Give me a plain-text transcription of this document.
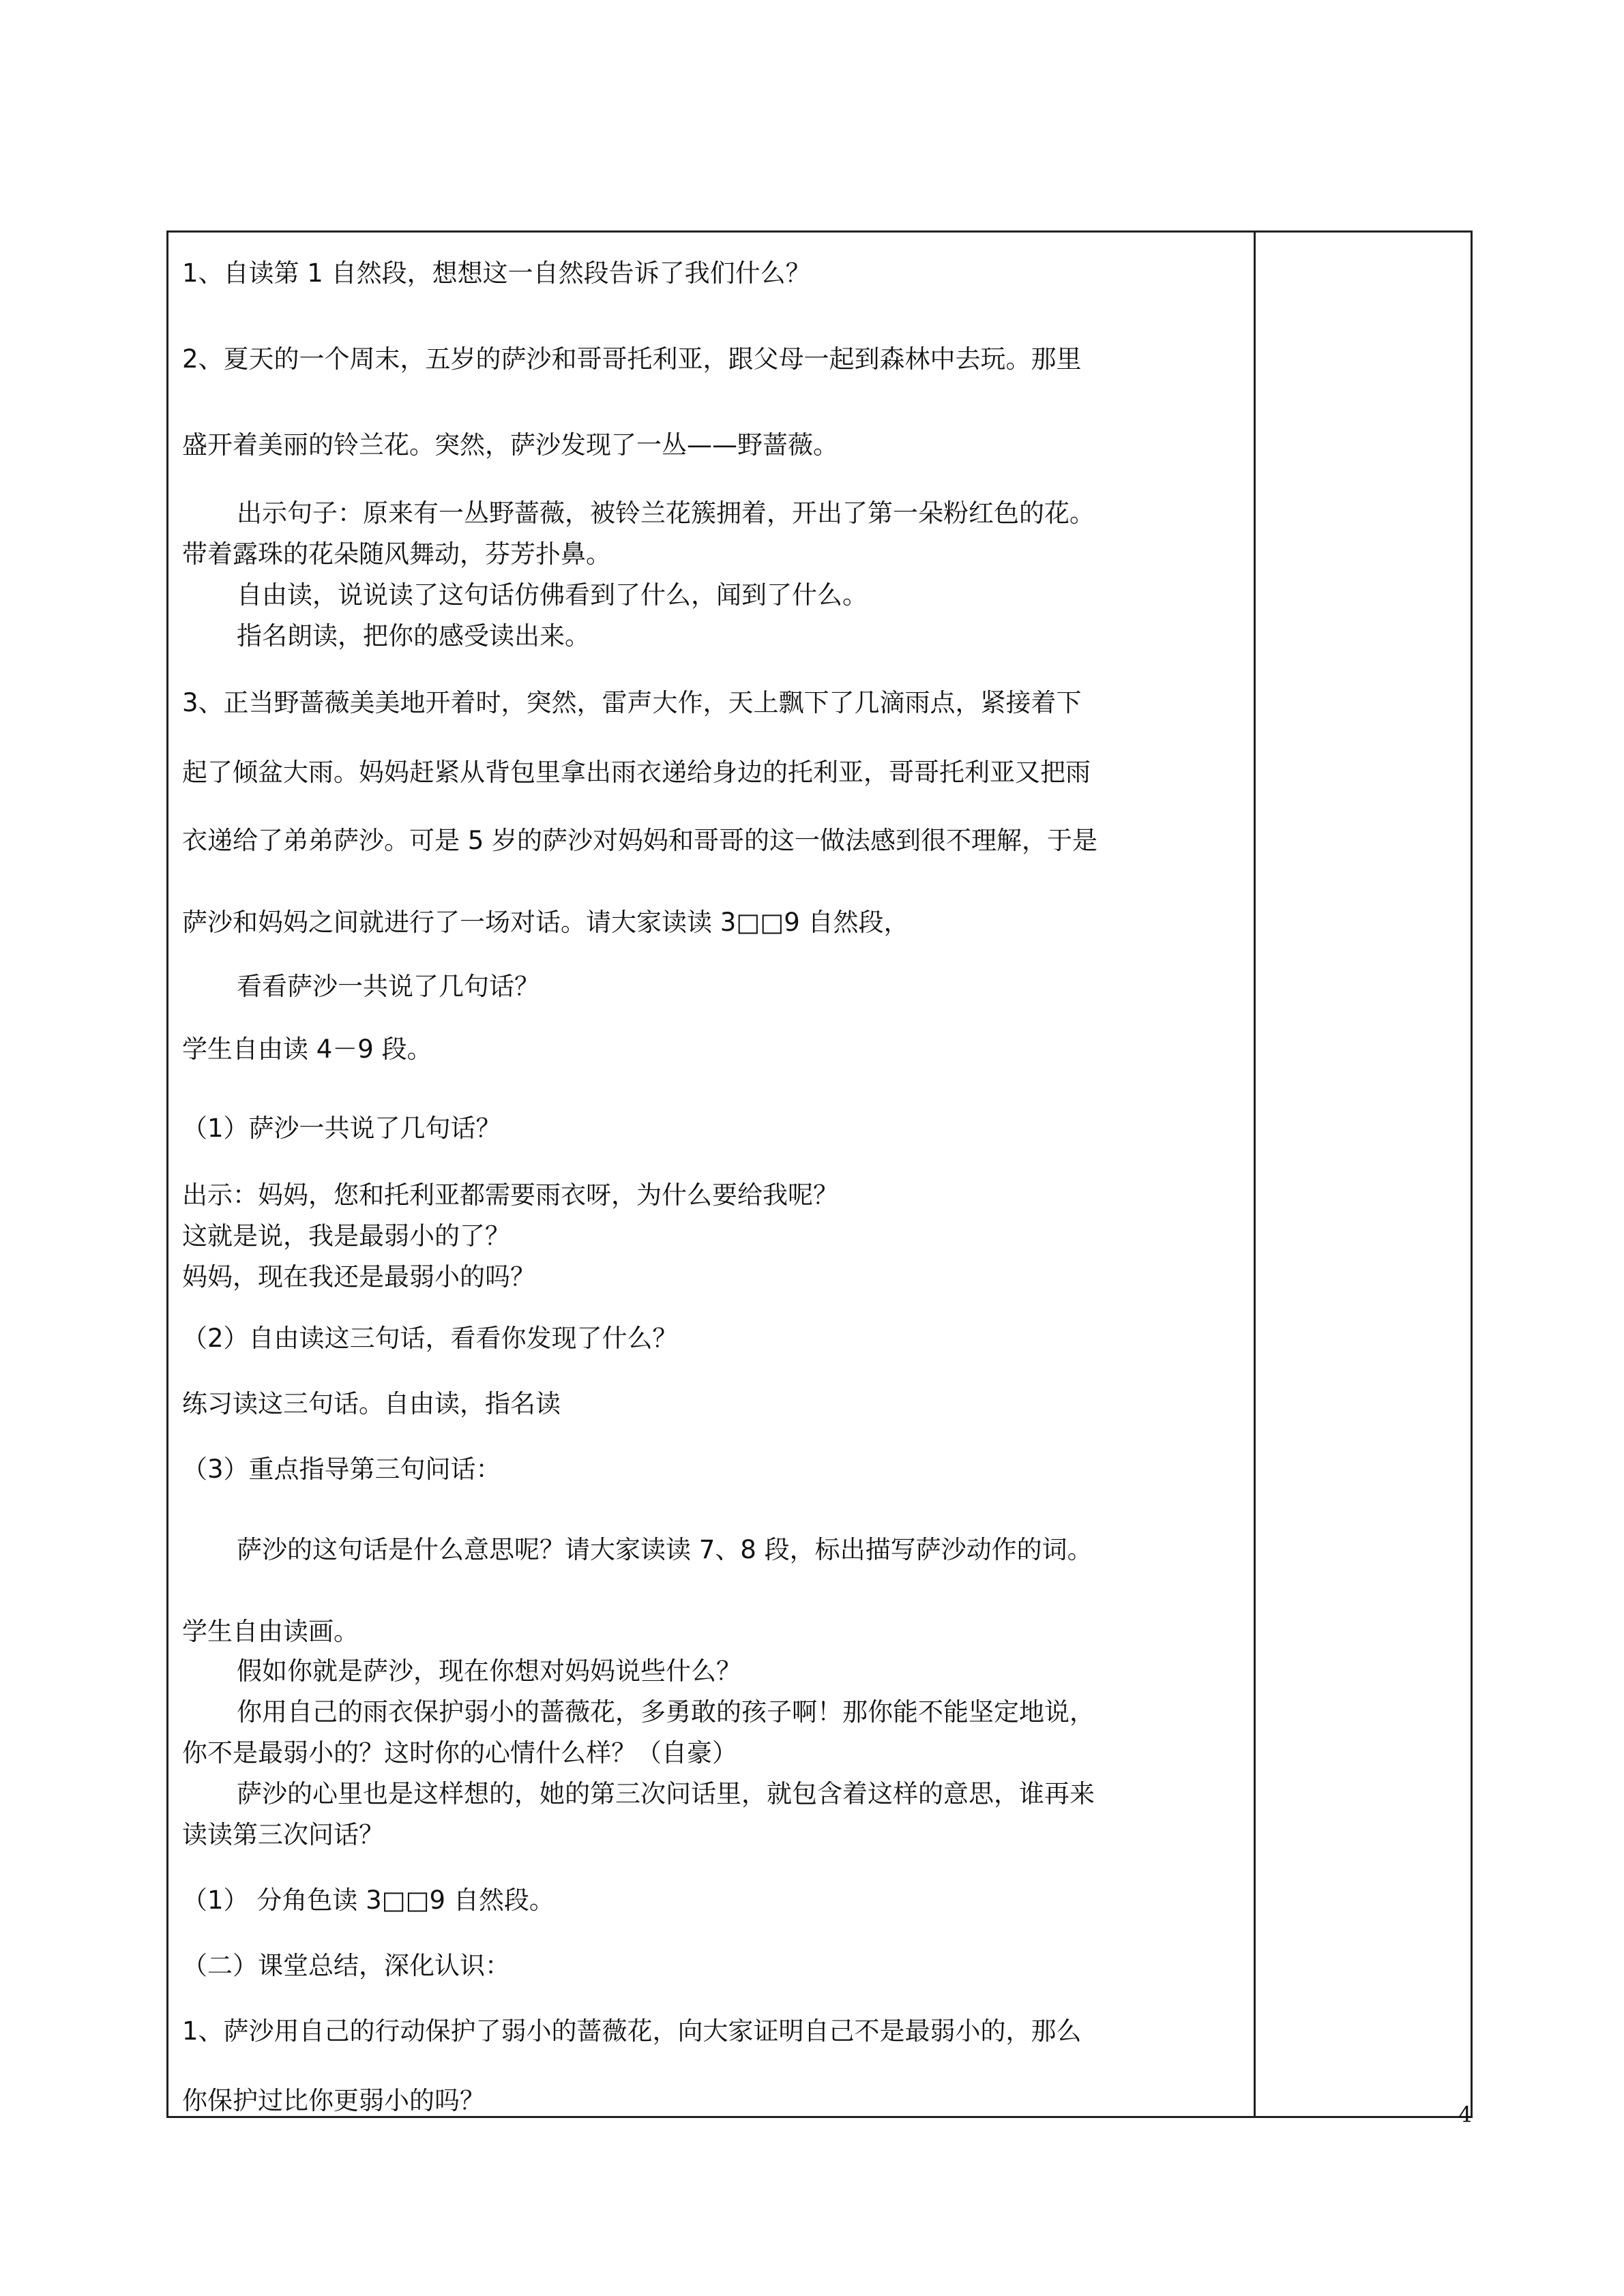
1、自读第 1 自然段，想想这一自然段告诉了我们什么？
2、夏天的一个周末，五岁的萨沙和哥哥托利亚，跟父母一起到森林中去玩。那里
盛开着美丽的铃兰花。突然，萨沙发现了一丛——野蔷薇。
出示句子：原来有一丛野蔷薇，被铃兰花簇拥着，开出了第一朵粉红色的花。
带着露珠的花朵随风舞动，芬芳扑鼻。
自由读，说说读了这句话仿佛看到了什么，闻到了什么。
指名朗读，把你的感受读出来。
3、正当野蔷薇美美地开着时，突然，雷声大作，天上飘下了几滴雨点，紧接着下
起了倾盆大雨。妈妈赶紧从背包里拿出雨衣递给身边的托利亚，哥哥托利亚又把雨
衣递给了弟弟萨沙。可是 5 岁的萨沙对妈妈和哥哥的这一做法感到很不理解，于是
萨沙和妈妈之间就进行了一场对话。请大家读读 3□□9 自然段，
看看萨沙一共说了几句话？
学生自由读 4－9 段。
（1）萨沙一共说了几句话？
出示：妈妈，您和托利亚都需要雨衣呀，为什么要给我呢？
这就是说，我是最弱小的了？
妈妈，现在我还是最弱小的吗？
（2）自由读这三句话，看看你发现了什么？
练习读这三句话。自由读，指名读
（3）重点指导第三句问话：
萨沙的这句话是什么意思呢？请大家读读 7、8 段，标出描写萨沙动作的词。
学生自由读画。
假如你就是萨沙，现在你想对妈妈说些什么？
你用自己的雨衣保护弱小的蔷薇花，多勇敢的孩子啊！那你能不能坚定地说，
你不是最弱小的？这时你的心情什么样？（自豪）
萨沙的心里也是这样想的，她的第三次问话里，就包含着这样的意思，谁再来
读读第三次问话？
（1） 分角色读 3□□9 自然段。
（二）课堂总结，深化认识：
1、萨沙用自己的行动保护了弱小的蔷薇花，向大家证明自己不是最弱小的，那么
你保护过比你更弱小的吗？	4
